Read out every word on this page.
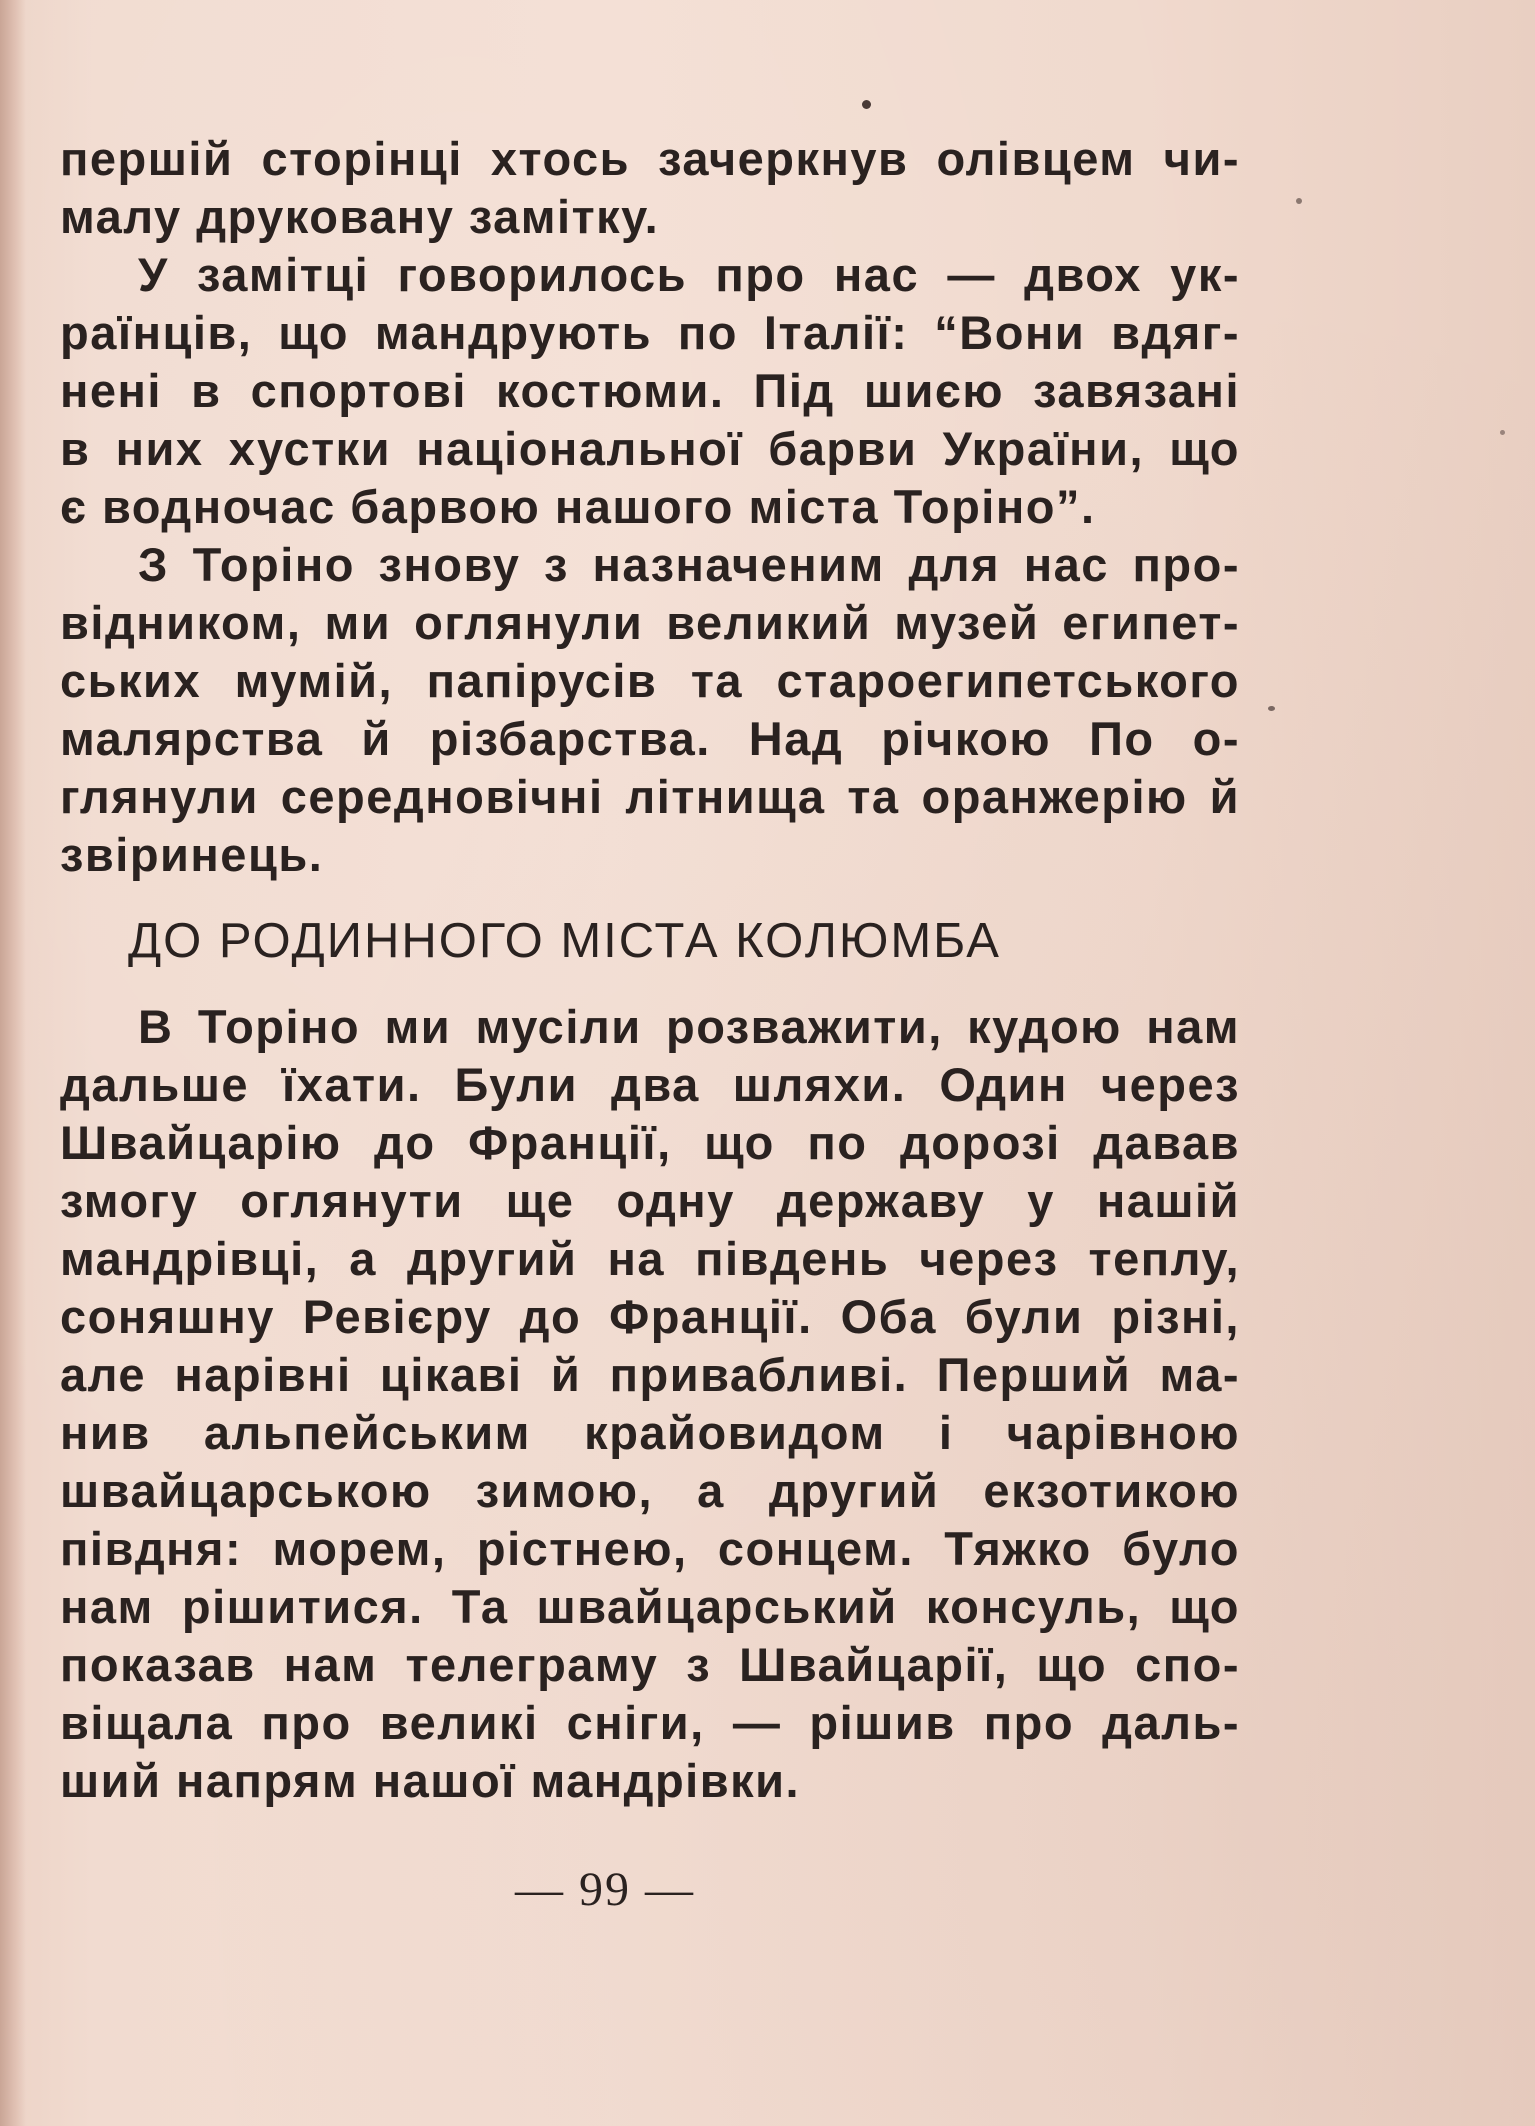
першій сторінці хтось зачеркнув олівцем чи-
малу друковану замітку.
У замітці говорилось про нас — двох ук-
раїнців, що мандрують по Італії: “Вони вдяг-
нені в спортові костюми. Під шиєю завязані
в них хустки національної барви України, що
є водночас барвою нашого міста Торіно”.
З Торіно знову з назначеним для нас про-
відником, ми оглянули великий музей египет-
ських мумій, папірусів та староегипетського
малярства й різбарства. Над річкою По о-
глянули середновічні літнища та оранжерію й
звіринець.
ДО РОДИННОГО МІСТА КОЛЮМБА
В Торіно ми мусіли розважити, кудою нам
дальше їхати. Були два шляхи. Один через
Швайцарію до Франції, що по дорозі давав
змогу оглянути ще одну державу у нашій
мандрівці, а другий на південь через теплу,
соняшну Ревієру до Франції. Оба були різні,
але нарівні цікаві й привабливі. Перший ма-
нив альпейським крайовидом і чарівною
швайцарською зимою, а другий екзотикою
півдня: морем, рістнею, сонцем. Тяжко було
нам рішитися. Та швайцарський консуль, що
показав нам телеграму з Швайцарії, що спо-
віщала про великі сніги, — рішив про даль-
ший напрям нашої мандрівки.
— 99 —
